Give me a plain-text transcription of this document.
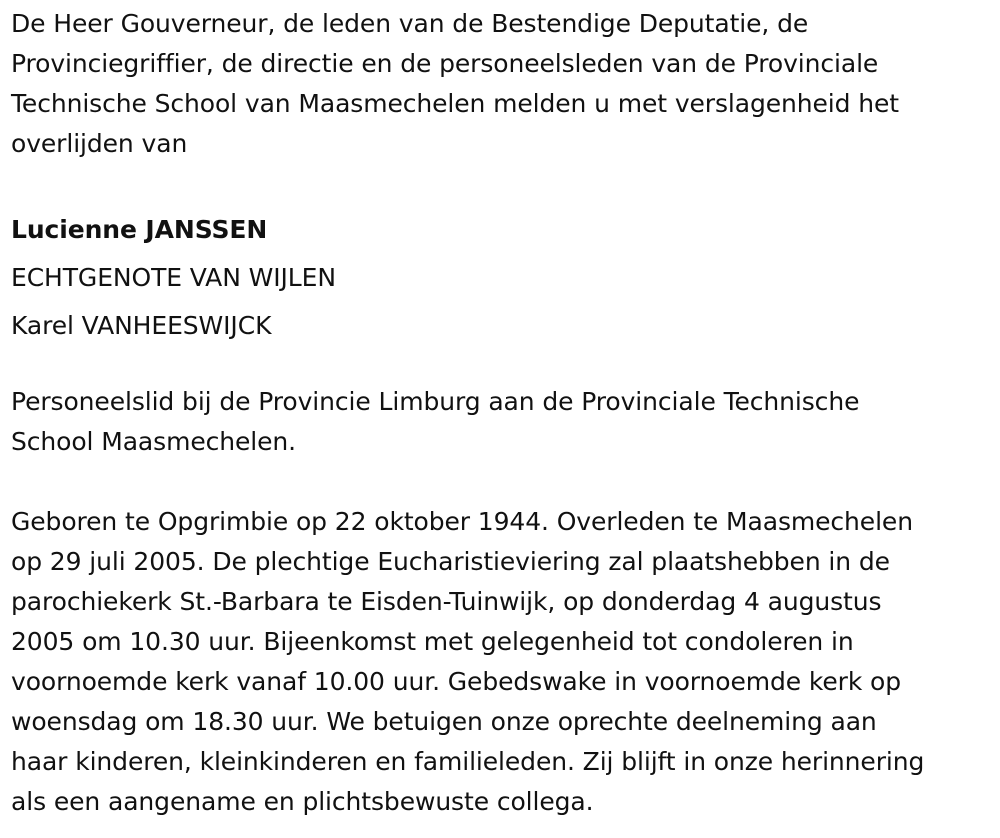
De Heer Gouverneur, de leden van de Bestendige Deputatie, de
Provinciegriffier, de directie en de personeelsleden van de Provinciale
Technische School van Maasmechelen melden u met verslagenheid het
overlijden van

Lucienne JANSSEN
ECHTGENOTE VAN WIJLEN
Karel VANHEESWIJCK

Personeelslid bij de Provincie Limburg aan de Provinciale Technische
School Maasmechelen.

Geboren te Opgrimbie op 22 oktober 1944. Overleden te Maasmechelen
op 29 juli 2005. De plechtige Eucharistieviering zal plaatshebben in de
parochiekerk St.-Barbara te Eisden-Tuinwijk, op donderdag 4 augustus
2005 om 10.30 uur. Bijeenkomst met gelegenheid tot condoleren in
voornoemde kerk vanaf 10.00 uur. Gebedswake in voornoemde kerk op
woensdag om 18.30 uur. We betuigen onze oprechte deelneming aan
haar kinderen, kleinkinderen en familieleden. Zij blijft in onze herinnering
als een aangename en plichtsbewuste collega.
